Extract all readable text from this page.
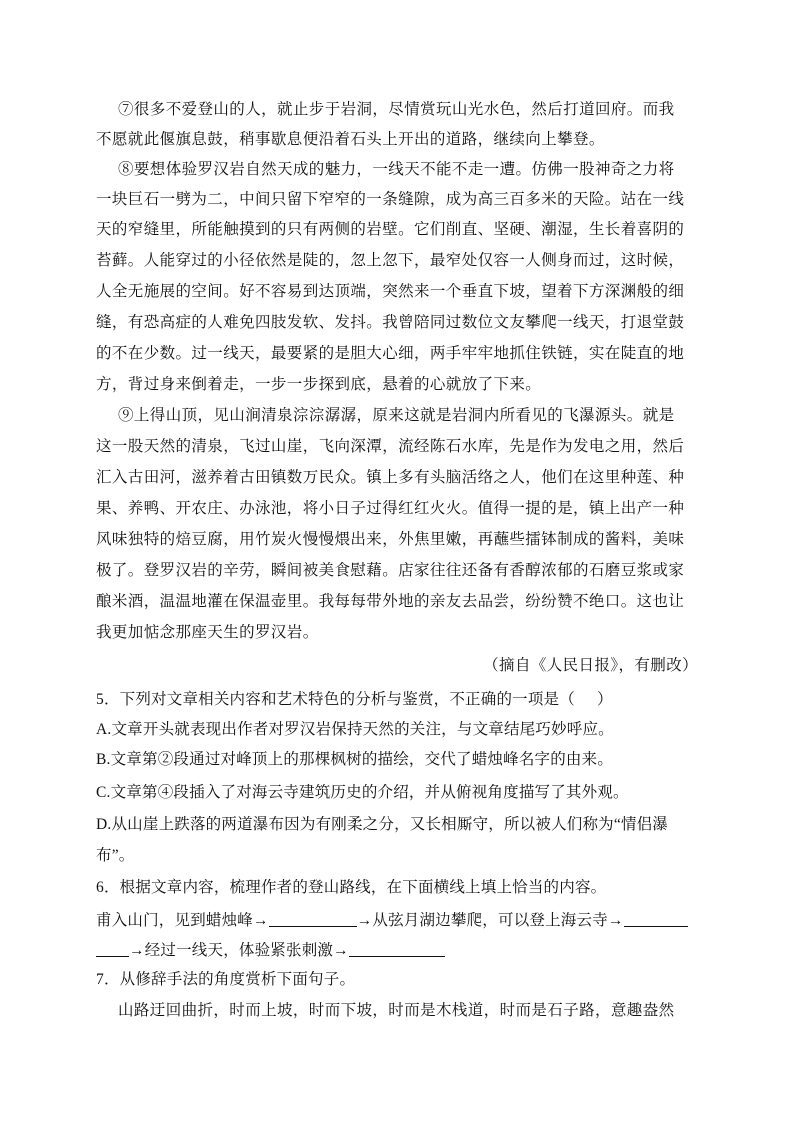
⑦很多不爱登山的人，就止步于岩洞，尽情赏玩山光水色，然后打道回府。而我
不愿就此偃旗息鼓，稍事歇息便沿着石头上开出的道路，继续向上攀登。
⑧要想体验罗汉岩自然天成的魅力，一线天不能不走一遭。仿佛一股神奇之力将
一块巨石一劈为二，中间只留下窄窄的一条缝隙，成为高三百多米的天险。站在一线
天的窄缝里，所能触摸到的只有两侧的岩壁。它们削直、坚硬、潮湿，生长着喜阴的
苔藓。人能穿过的小径依然是陡的，忽上忽下，最窄处仅容一人侧身而过，这时候，
人全无施展的空间。好不容易到达顶端，突然来一个垂直下坡，望着下方深渊般的细
缝，有恐高症的人难免四肢发软、发抖。我曾陪同过数位文友攀爬一线天，打退堂鼓
的不在少数。过一线天，最要紧的是胆大心细，两手牢牢地抓住铁链，实在陡直的地
方，背过身来倒着走，一步一步探到底，悬着的心就放了下来。
⑨上得山顶，见山涧清泉淙淙潺潺，原来这就是岩洞内所看见的飞瀑源头。就是
这一股天然的清泉，飞过山崖，飞向深潭，流经陈石水库，先是作为发电之用，然后
汇入古田河，滋养着古田镇数万民众。镇上多有头脑活络之人，他们在这里种莲、种
果、养鸭、开农庄、办泳池，将小日子过得红红火火。值得一提的是，镇上出产一种
风味独特的焙豆腐，用竹炭火慢慢煨出来，外焦里嫩，再蘸些擂钵制成的酱料，美味
极了。登罗汉岩的辛劳，瞬间被美食慰藉。店家往往还备有香醇浓郁的石磨豆浆或家
酿米酒，温温地灌在保温壶里。我每每带外地的亲友去品尝，纷纷赞不绝口。这也让
我更加惦念那座天生的罗汉岩。
（摘自《人民日报》，有删改）
5．下列对文章相关内容和艺术特色的分析与鉴赏，不正确的一项是（ ）
A.文章开头就表现出作者对罗汉岩保持天然的关注，与文章结尾巧妙呼应。
B.文章第②段通过对峰顶上的那棵枫树的描绘，交代了蜡烛峰名字的由来。
C.文章第④段插入了对海云寺建筑历史的介绍，并从俯视角度描写了其外观。
D.从山崖上跌落的两道瀑布因为有刚柔之分，又长相厮守，所以被人们称为“情侣瀑
布”。
6．根据文章内容，梳理作者的登山路线，在下面横线上填上恰当的内容。
甫入山门，见到蜡烛峰→	→从弦月湖边攀爬，可以登上海云寺→
→经过一线天，体验紧张刺激→
7．从修辞手法的角度赏析下面句子。
山路迂回曲折，时而上坡，时而下坡，时而是木栈道，时而是石子路，意趣盎然
